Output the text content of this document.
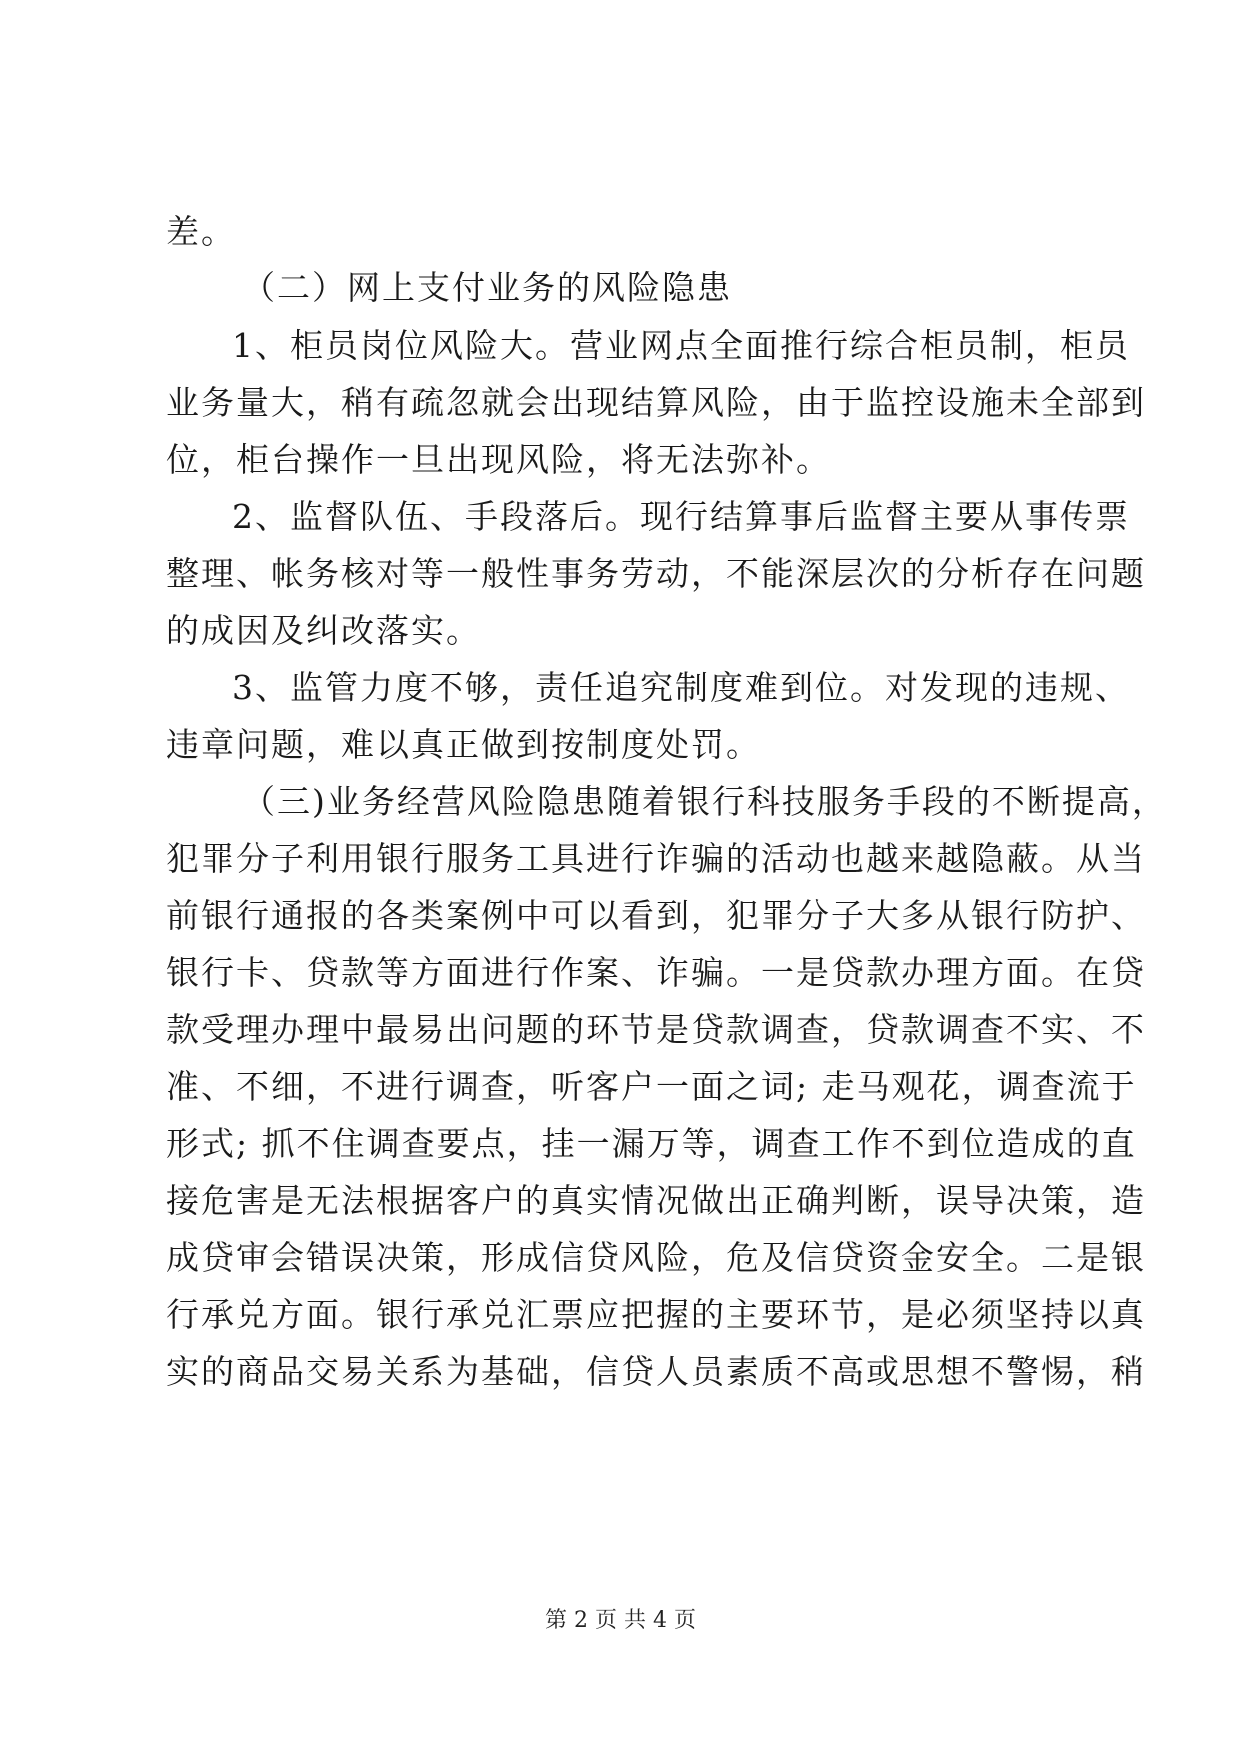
差。
（二）网上支付业务的风险隐患
1、柜员岗位风险大。营业网点全面推行综合柜员制，柜员
业务量大，稍有疏忽就会出现结算风险，由于监控设施未全部到
位，柜台操作一旦出现风险，将无法弥补。
2、监督队伍、手段落后。现行结算事后监督主要从事传票
整理、帐务核对等一般性事务劳动，不能深层次的分析存在问题
的成因及纠改落实。
3、监管力度不够，责任追究制度难到位。对发现的违规、
违章问题，难以真正做到按制度处罚。
（三)业务经营风险隐患随着银行科技服务手段的不断提高，
犯罪分子利用银行服务工具进行诈骗的活动也越来越隐蔽。从当
前银行通报的各类案例中可以看到，犯罪分子大多从银行防护、
银行卡、贷款等方面进行作案、诈骗。一是贷款办理方面。在贷
款受理办理中最易出问题的环节是贷款调查，贷款调查不实、不
准、不细，不进行调查，听客户一面之词; 走马观花，调查流于
形式; 抓不住调查要点，挂一漏万等，调查工作不到位造成的直
接危害是无法根据客户的真实情况做出正确判断，误导决策，造
成贷审会错误决策，形成信贷风险，危及信贷资金安全。二是银
行承兑方面。银行承兑汇票应把握的主要环节，是必须坚持以真
实的商品交易关系为基础，信贷人员素质不高或思想不警惕，稍
第 2 页 共 4 页
